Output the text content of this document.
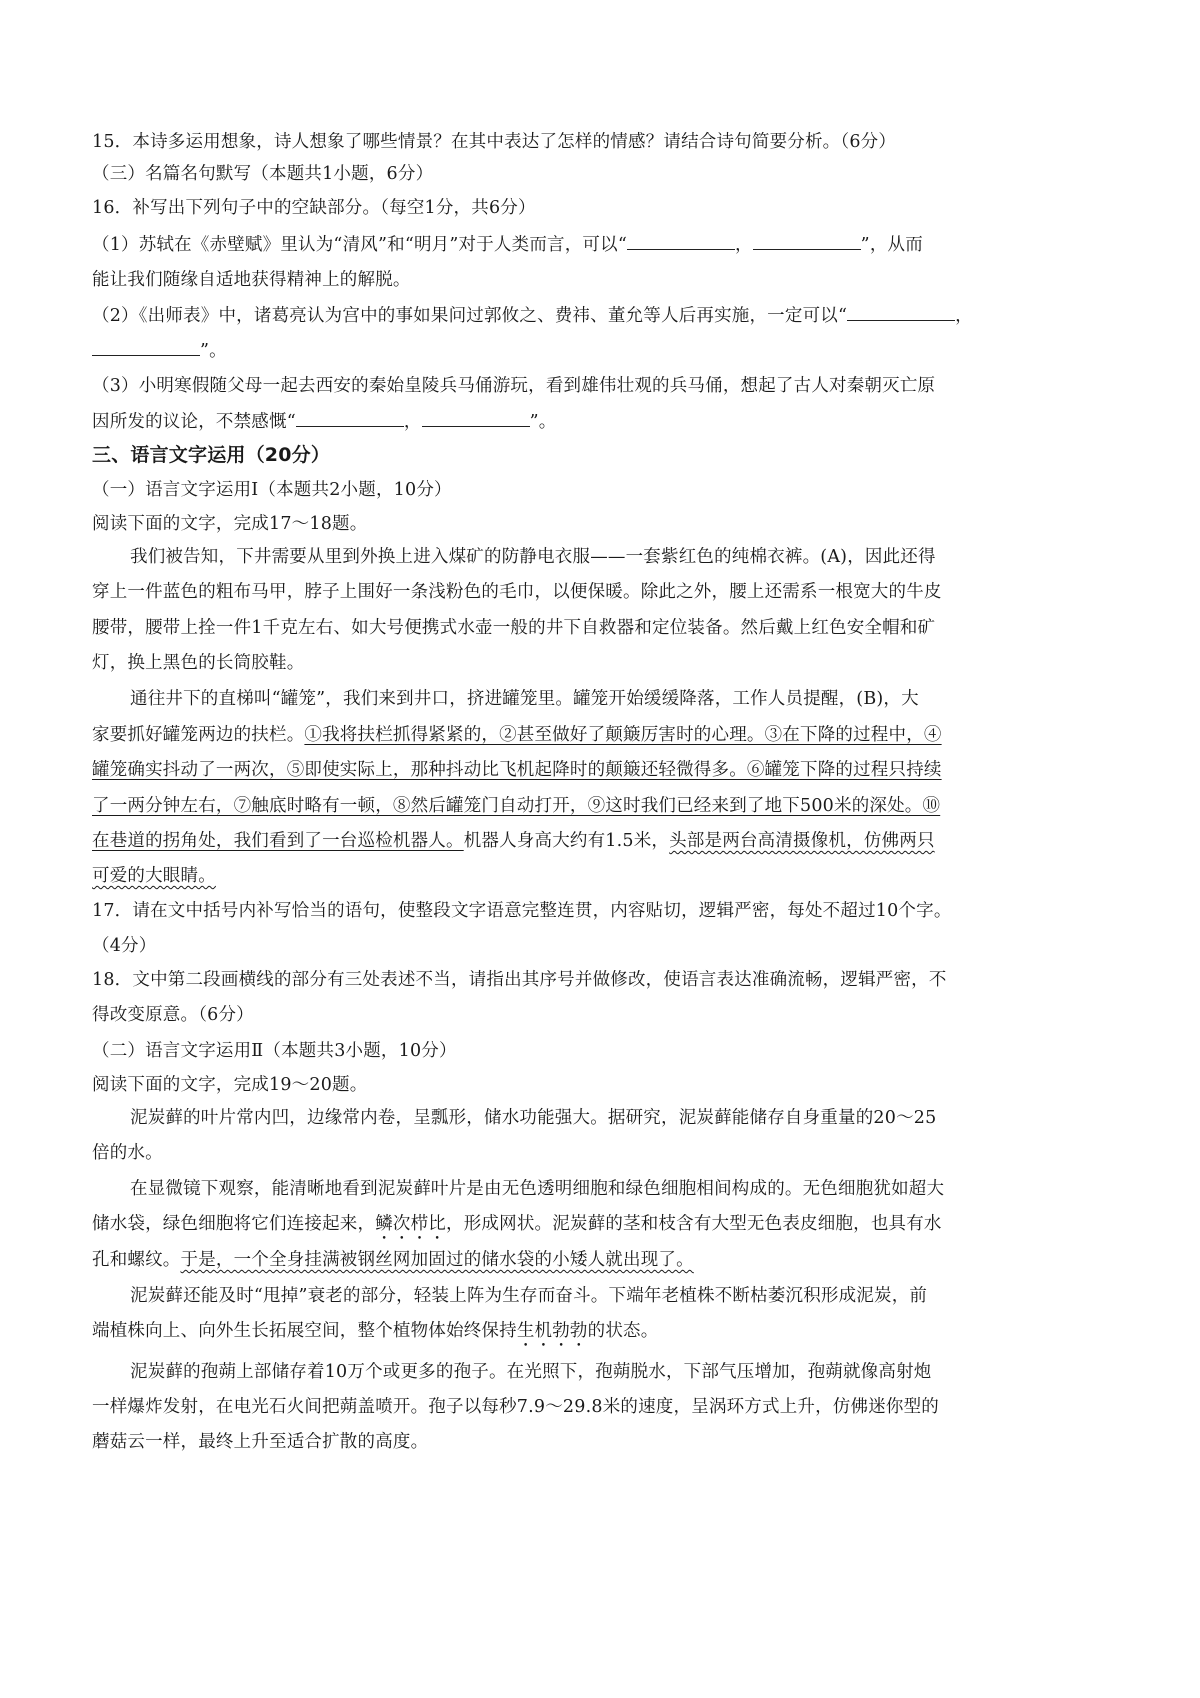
15．本诗多运用想象，诗人想象了哪些情景？在其中表达了怎样的情感？请结合诗句简要分析。（6分）
（三）名篇名句默写（本题共1小题，6分）
16．补写出下列句子中的空缺部分。（每空1分，共6分）
（1）苏轼在《赤壁赋》里认为“清风”和“明月”对于人类而言，可以“	，	”，从而
能让我们随缘自适地获得精神上的解脱。
（2）《出师表》中，诸葛亮认为宫中的事如果问过郭攸之、费祎、董允等人后再实施，一定可以“	，
”。
（3）小明寒假随父母一起去西安的秦始皇陵兵马俑游玩，看到雄伟壮观的兵马俑，想起了古人对秦朝灭亡原
因所发的议论，不禁感慨“	，	”。
三、语言文字运用（20分）
（一）语言文字运用Ⅰ（本题共2小题，10分）
阅读下面的文字，完成17～18题。
我们被告知，下井需要从里到外换上进入煤矿的防静电衣服——一套紫红色的纯棉衣裤。(A)，因此还得
穿上一件蓝色的粗布马甲，脖子上围好一条浅粉色的毛巾，以便保暖。除此之外，腰上还需系一根宽大的牛皮
腰带，腰带上拴一件1千克左右、如大号便携式水壶一般的井下自救器和定位装备。然后戴上红色安全帽和矿
灯，换上黑色的长筒胶鞋。
通往井下的直梯叫“罐笼”，我们来到井口，挤进罐笼里。罐笼开始缓缓降落，工作人员提醒，(B)，大
家要抓好罐笼两边的扶栏。①我将扶栏抓得紧紧的，②甚至做好了颠簸厉害时的心理。③在下降的过程中，④
罐笼确实抖动了一两次，⑤即使实际上，那种抖动比飞机起降时的颠簸还轻微得多。⑥罐笼下降的过程只持续
了一两分钟左右，⑦触底时略有一顿，⑧然后罐笼门自动打开，⑨这时我们已经来到了地下500米的深处。⑩
在巷道的拐角处，我们看到了一台巡检机器人。机器人身高大约有1.5米，头部是两台高清摄像机，仿佛两只
可爱的大眼睛。
17．请在文中括号内补写恰当的语句，使整段文字语意完整连贯，内容贴切，逻辑严密，每处不超过10个字。
（4分）
18．文中第二段画横线的部分有三处表述不当，请指出其序号并做修改，使语言表达准确流畅，逻辑严密，不
得改变原意。（6分）
（二）语言文字运用Ⅱ（本题共3小题，10分）
阅读下面的文字，完成19～20题。
泥炭藓的叶片常内凹，边缘常内卷，呈瓢形，储水功能强大。据研究，泥炭藓能储存自身重量的20～25
倍的水。
在显微镜下观察，能清晰地看到泥炭藓叶片是由无色透明细胞和绿色细胞相间构成的。无色细胞犹如超大
储水袋，绿色细胞将它们连接起来，鳞次栉比，形成网状。泥炭藓的茎和枝含有大型无色表皮细胞，也具有水
孔和螺纹。于是，一个全身挂满被钢丝网加固过的储水袋的小矮人就出现了。
泥炭藓还能及时“甩掉”衰老的部分，轻装上阵为生存而奋斗。下端年老植株不断枯萎沉积形成泥炭，前
端植株向上、向外生长拓展空间，整个植物体始终保持生机勃勃的状态。
泥炭藓的孢蒴上部储存着10万个或更多的孢子。在光照下，孢蒴脱水，下部气压增加，孢蒴就像高射炮
一样爆炸发射，在电光石火间把蒴盖喷开。孢子以每秒7.9～29.8米的速度，呈涡环方式上升，仿佛迷你型的
蘑菇云一样，最终上升至适合扩散的高度。
